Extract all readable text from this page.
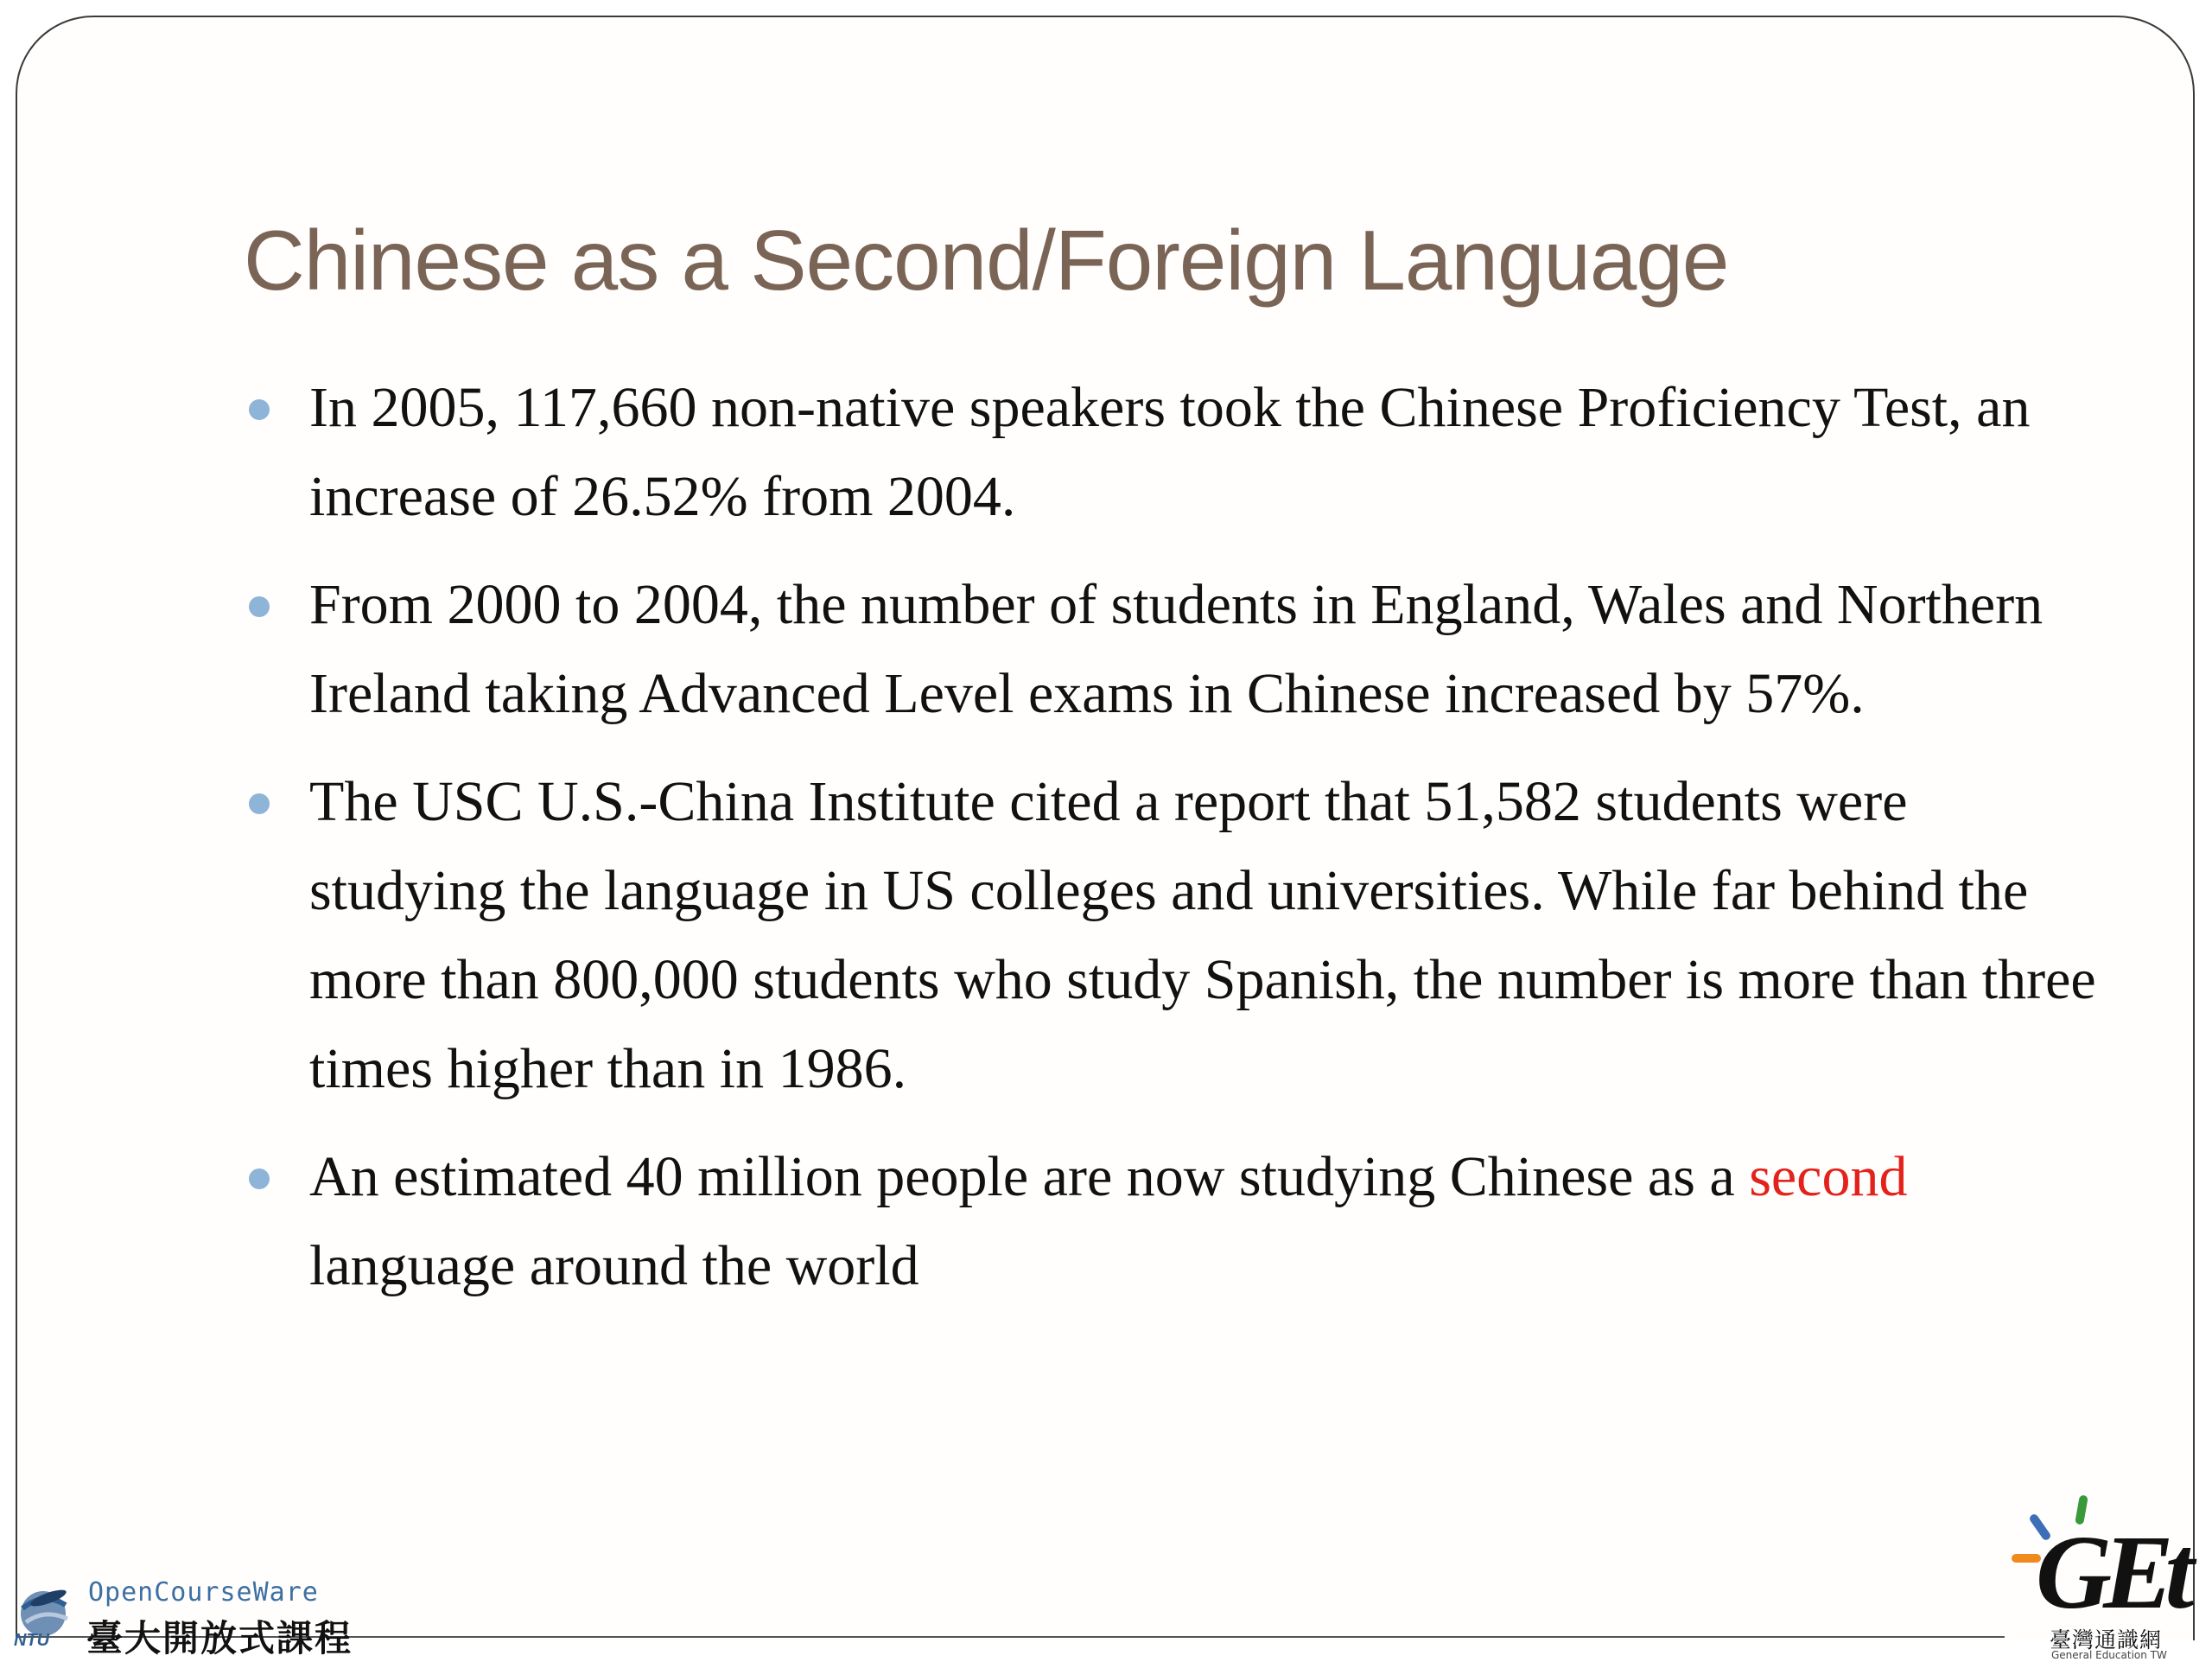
Chinese as a Second/Foreign Language
In 2005, 117,660 non-native speakers took the Chinese Proficiency Test, an increase of 26.52% from 2004.
From 2000 to 2004, the number of students in England, Wales and Northern Ireland taking Advanced Level exams in Chinese increased by 57%.
The USC U.S.-China Institute cited a report that 51,582 students were studying the language in US colleges and universities. While far behind the more than 800,000 students who study Spanish, the number is more than three times higher than in 1986.
An estimated 40 million people are now studying Chinese as a second language around the world
NTU
OpenCourseWare
臺大開放式課程
GEt
臺灣通識網
General Education TW
